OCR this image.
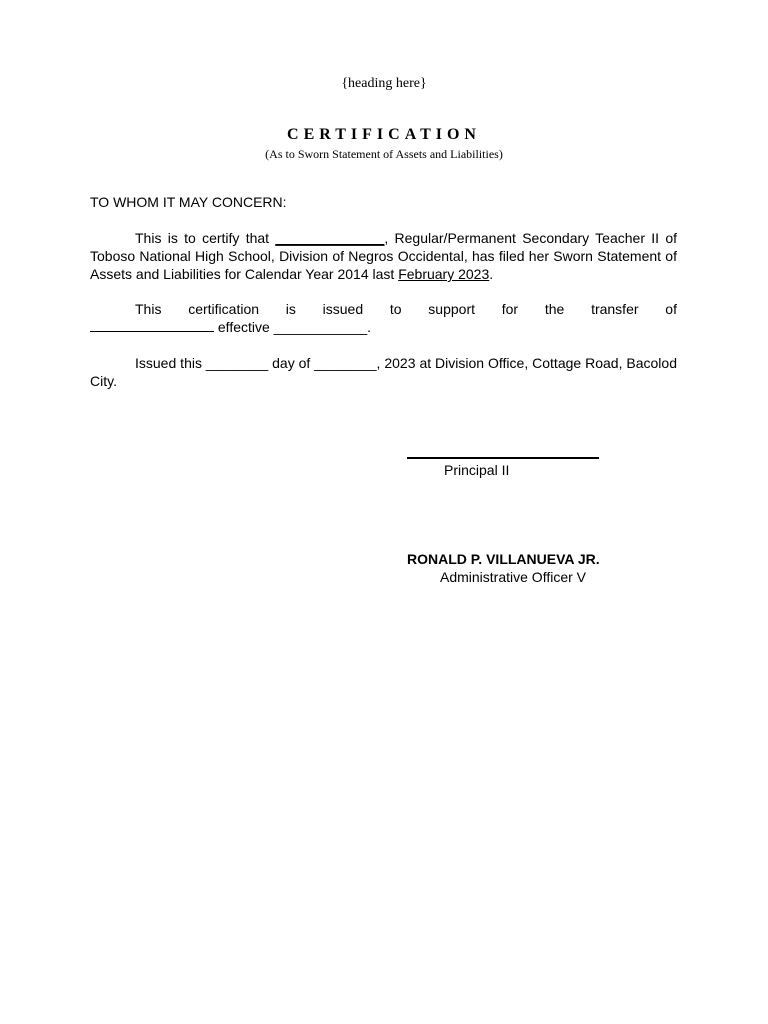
{heading here}
CERTIFICATION
(As to Sworn Statement of Assets and Liabilities)
TO WHOM IT MAY CONCERN:

This is to certify that ______________, Regular/Permanent Secondary Teacher II of Toboso National High School, Division of Negros Occidental, has filed her Sworn Statement of Assets and Liabilities for Calendar Year 2014 last February 2023.

This certification is issued to support for the transfer of
effective ____________.

Issued this ________ day of ________, 2023 at Division Office, Cottage Road, Bacolod City.

Principal II
RONALD P. VILLANUEVA JR.
Administrative Officer V
